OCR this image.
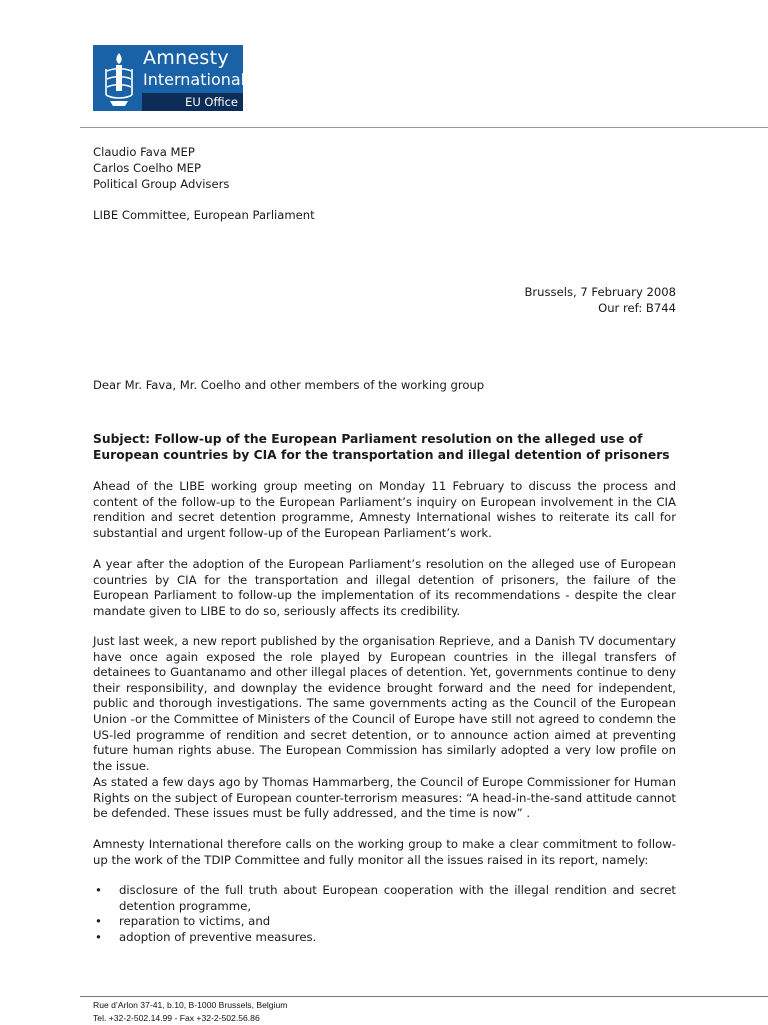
Amnesty
International
EU Office
Claudio Fava MEP
Carlos Coelho MEP
Political Group Advisers
LIBE Committee, European Parliament
Brussels, 7 February 2008
Our ref: B744
Dear Mr. Fava, Mr. Coelho and other members of the working group
Subject: Follow-up of the European Parliament resolution on the alleged use of European countries by CIA for the transportation and illegal detention of prisoners

Ahead of the LIBE working group meeting on Monday 11 February to discuss the process and content of the follow-up to the European Parliament’s inquiry on European involvement in the CIA rendition and secret detention programme, Amnesty International wishes to reiterate its call for substantial and urgent follow-up of the European Parliament’s work.

A year after the adoption of the European Parliament’s resolution on the alleged use of European countries by CIA for the transportation and illegal detention of prisoners, the failure of the European Parliament to follow-up the implementation of its recommendations - despite the clear mandate given to LIBE to do so, seriously affects its credibility.

Just last week, a new report published by the organisation Reprieve, and a Danish TV documentary have once again exposed the role played by European countries in the illegal transfers of detainees to Guantanamo and other illegal places of detention. Yet, governments continue to deny their responsibility, and downplay the evidence brought forward and the need for independent, public and thorough investigations. The same governments acting as the Council of the European Union -or the Committee of Ministers of the Council of Europe have still not agreed to condemn the US-led programme of rendition and secret detention, or to announce action aimed at preventing future human rights abuse. The European Commission has similarly adopted a very low profile on the issue.

As stated a few days ago by Thomas Hammarberg, the Council of Europe Commissioner for Human Rights on the subject of European counter-terrorism measures: “A head-in-the-sand attitude cannot be defended. These issues must be fully addressed, and the time is now” .

Amnesty International therefore calls on the working group to make a clear commitment to follow-up the work of the TDIP Committee and fully monitor all the issues raised in its report, namely:

• disclosure of the full truth about European cooperation with the illegal rendition and secret detention programme,
• reparation to victims, and
• adoption of preventive measures.
Rue d’Arlon 37-41, b.10, B-1000 Brussels, Belgium
Tel. +32-2-502.14.99 - Fax +32-2-502.56.86
